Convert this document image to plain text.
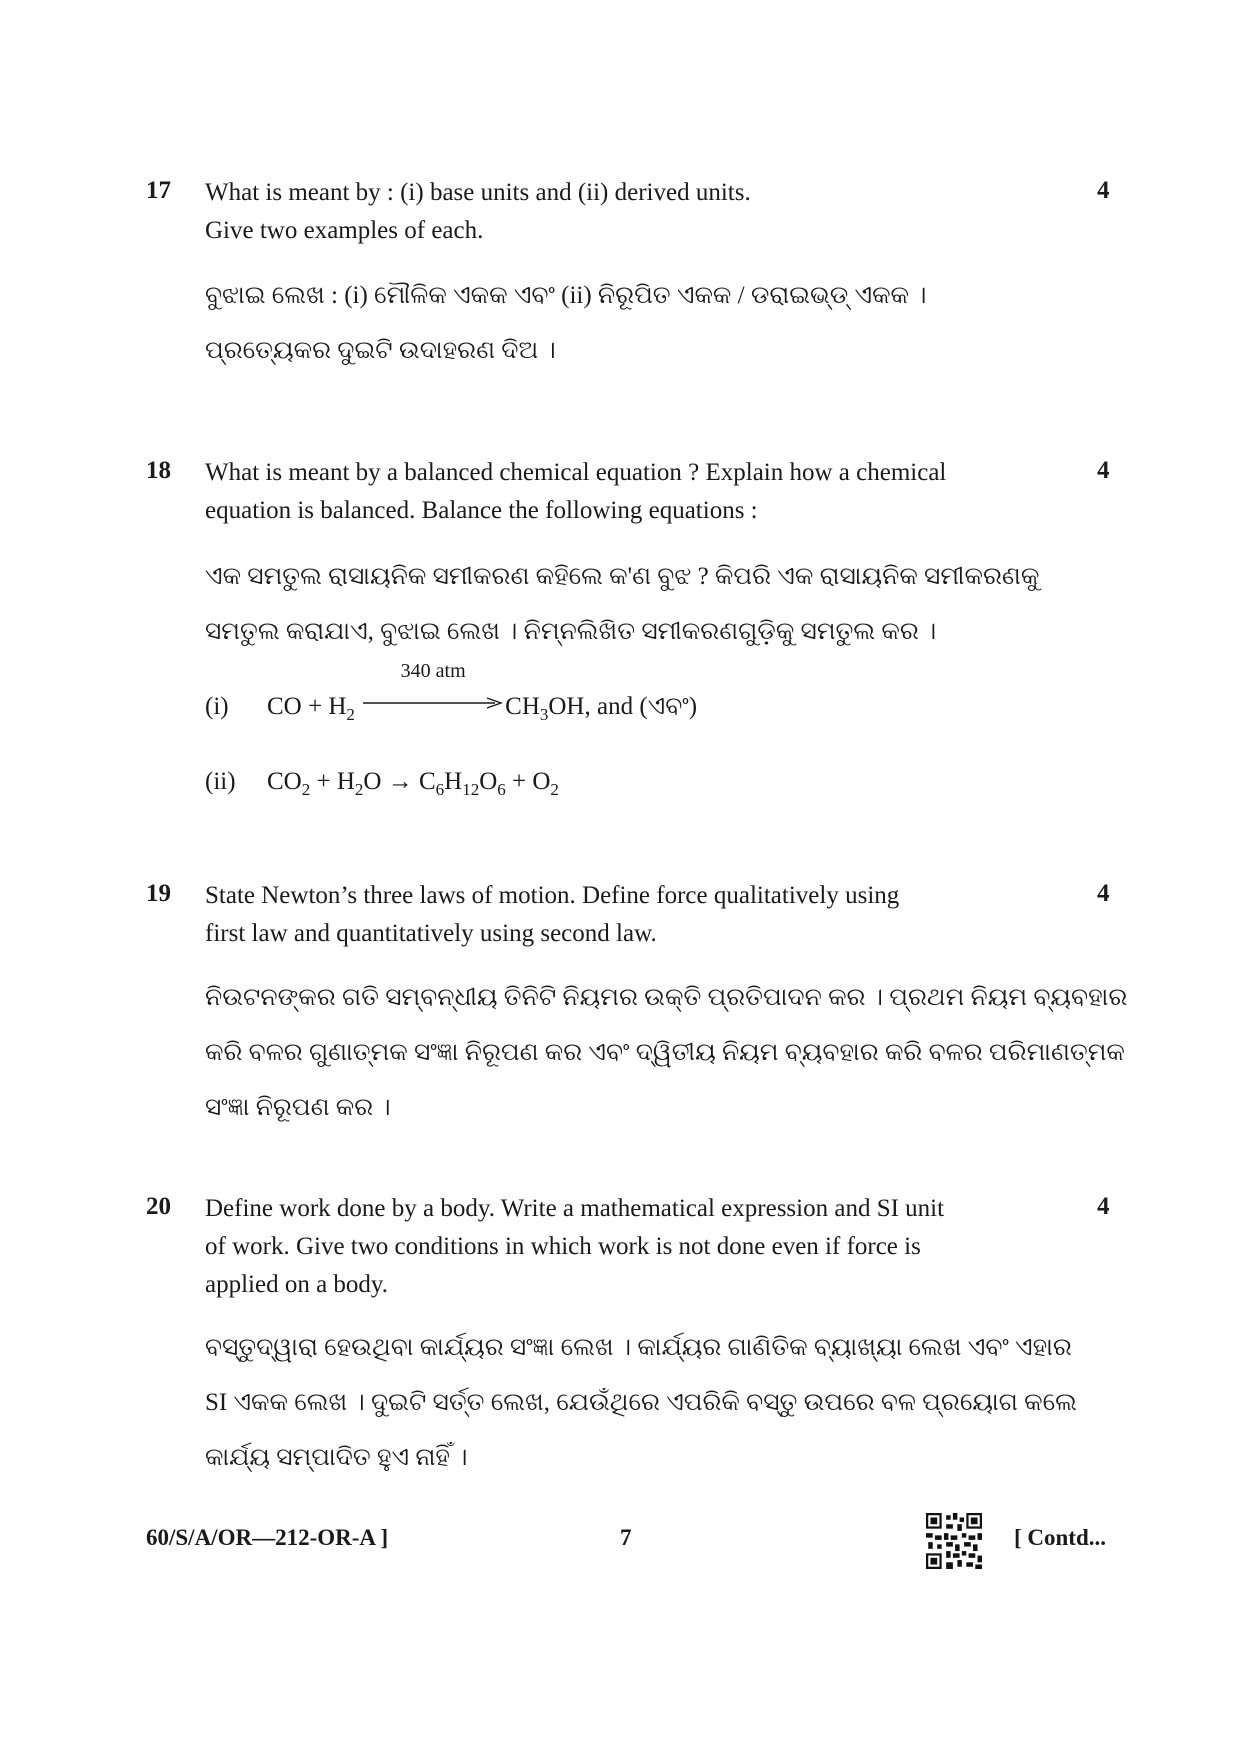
17	4
What is meant by : (i) base units and (ii) derived units.
Give two examples of each.
ବୁଝାଇ ଲେଖ : (i) ମୌଳିକ ଏକକ ଏବଂ (ii) ନିରୂପିତ ଏକକ / ଡରାଇଭ୍‌ଡ୍ ଏକକ ।
ପ୍ରତ୍ୟେକର ଦୁଇଟି ଉଦାହରଣ ଦିଅ ।
18	4
What is meant by a balanced chemical equation ? Explain how a chemical
equation is balanced. Balance the following equations :
ଏକ ସମତୁଲ ରାସାୟନିକ ସମୀକରଣ କହିଲେ କ'ଣ ବୁଝ ? କିପରି ଏକ ରାସାୟନିକ ସମୀକରଣକୁ
ସମତୁଲ କରାଯାଏ, ବୁଝାଇ ଲେଖ । ନିମ୍ନଲିଖିତ ସମୀକରଣଗୁଡ଼ିକୁ ସମତୁଲ କର ।
(i) CO + $H_2$
340 atm
$CH_3OH$, and (ଏବଂ)
(ii) $CO_2 + H_2O \to C_6H_{12}O_6 + O_2$
19	4
State Newton’s three laws of motion. Define force qualitatively using
first law and quantitatively using second law.
ନିଉଟନଙ୍କର ଗତି ସମ୍ବନ୍ଧୀୟ ତିନିଟି ନିୟମର ଉକ୍ତି ପ୍ରତିପାଦନ କର । ପ୍ରଥମ ନିୟମ ବ୍ୟବହାର
କରି ବଳର ଗୁଣାତ୍ମକ ସଂଜ୍ଞା ନିରୂପଣ କର ଏବଂ ଦ୍ୱିତୀୟ ନିୟମ ବ୍ୟବହାର କରି ବଳର ପରିମାଣତ୍ମକ
ସଂଜ୍ଞା ନିରୂପଣ କର ।
20	4
Define work done by a body. Write a mathematical expression and SI unit
of work. Give two conditions in which work is not done even if force is
applied on a body.
ବସ୍ତୁଦ୍ୱାରା ହେଉଥିବା କାର୍ଯ୍ୟର ସଂଜ୍ଞା ଲେଖ । କାର୍ଯ୍ୟର ଗାଣିତିକ ବ୍ୟାଖ୍ୟା ଲେଖ ଏବଂ ଏହାର
SI ଏକକ ଲେଖ । ଦୁଇଟି ସର୍ତ୍ତ ଲେଖ, ଯେଉଁଥିରେ ଏପରିକି ବସ୍ତୁ ଉପରେ ବଳ ପ୍ରୟୋଗ କଲେ
କାର୍ଯ୍ୟ ସମ୍ପାଦିତ ହୁଏ ନାହିଁ ।
60/S/A/OR—212-OR-A ]	7	[ Contd...
